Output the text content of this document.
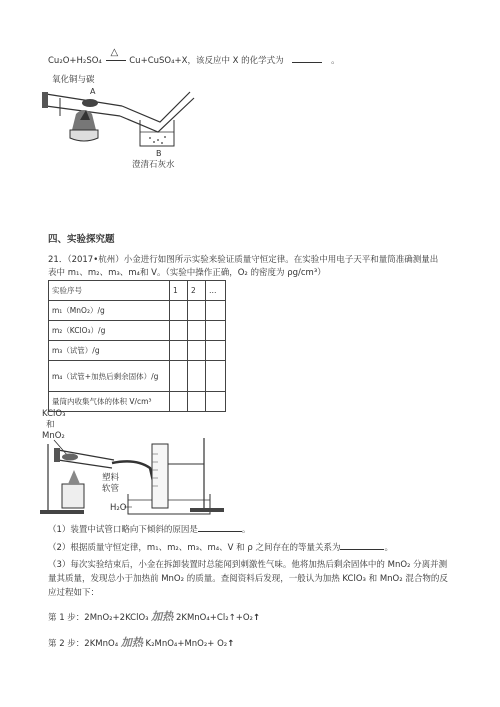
Cu₂O+H₂SO₄
△
Cu+CuSO₄+X，该反应中 X 的化学式为	。
氧化铜与碳
A
B
澄清石灰水
四、实验探究题
21．（2017•杭州）小金进行如图所示实验来验证质量守恒定律。在实验中用电子天平和量筒准确测量出
表中 m₁、m₂、m₃、m₄和 V。（实验中操作正确，O₂ 的密度为 ρg/cm³）
实验序号	1	2	…
m₁（MnO₂）/g			
m₂（KClO₃）/g			
m₃（试管）/g			
m₄（试管+加热后剩余固体）/g			
量筒内收集气体的体积 V/cm³			
KClO₃
和
MnO₂
塑料
软管
H₂O
（1）装置中试管口略向下倾斜的原因是	。
（2）根据质量守恒定律，m₁、m₂、m₃、m₄、V 和 ρ 之间存在的等量关系为	。
（3）每次实验结束后，小金在拆卸装置时总能闻到刺激性气味。他将加热后剩余固体中的 MnO₂ 分离并测
量其质量，发现总小于加热前 MnO₂ 的质量。查阅资料后发现，一般认为加热 KClO₃ 和 MnO₂ 混合物的反
应过程如下：
第 1 步：2MnO₂+2KClO₃ 加热 2KMnO₄+Cl₂↑+O₂↑
第 2 步：2KMnO₄ 加热 K₂MnO₄+MnO₂+ O₂↑
